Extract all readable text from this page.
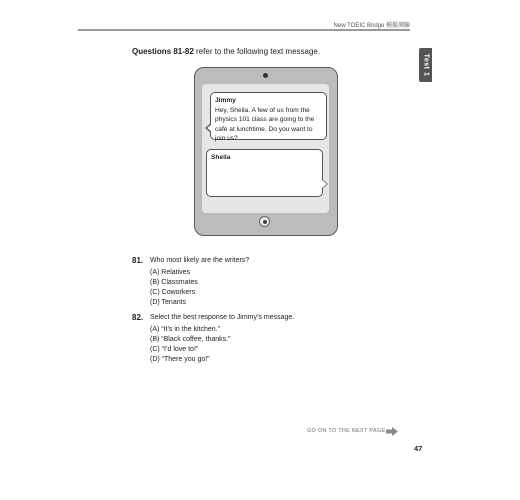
New TOEIC Bridge 模擬測驗
Test 1
Questions 81-82 refer to the following text message.
Jimmy
Hey, Sheila. A few of us from the physics 101 class are going to the café at lunchtime. Do you want to join us?
Sheila
81. Who most likely are the writers?
(A) Relatives
(B) Classmates
(C) Coworkers
(D) Tenants
82. Select the best response to Jimmy’s message.
(A) “It’s in the kitchen.”
(B) “Black coffee, thanks.”
(C) “I’d love to!”
(D) “There you go!”
GO ON TO THE NEXT PAGE
47
